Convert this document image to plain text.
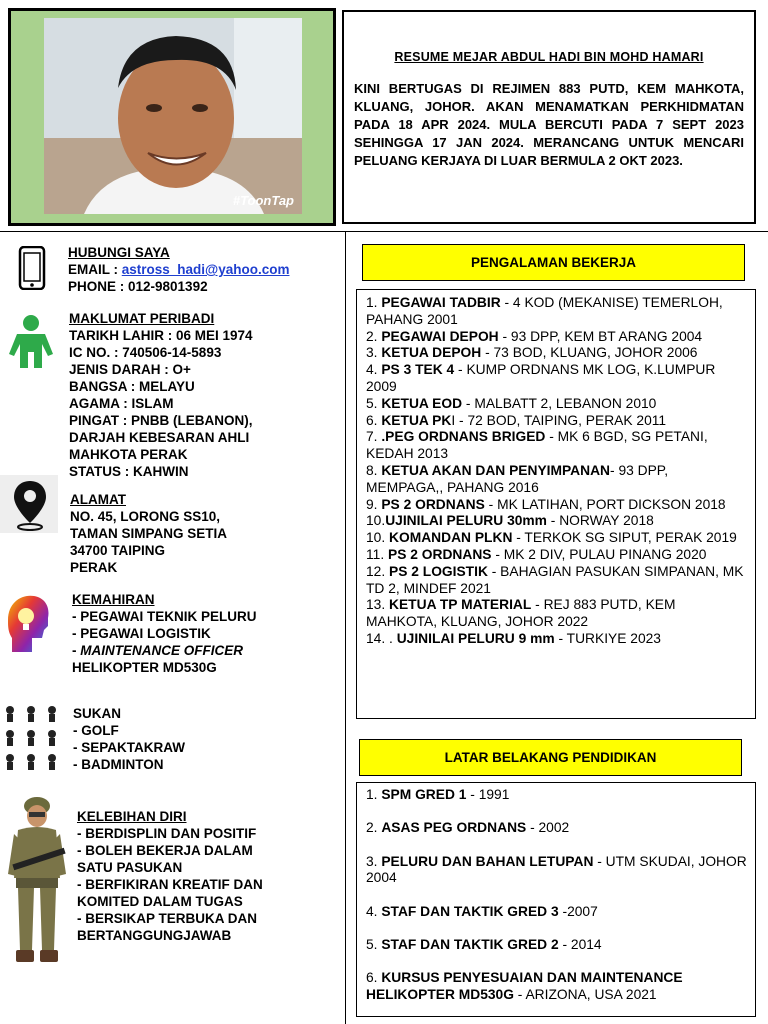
#ToonTap
RESUME MEJAR ABDUL HADI BIN MOHD HAMARI
KINI BERTUGAS DI REJIMEN 883 PUTD, KEM MAHKOTA, KLUANG, JOHOR. AKAN MENAMATKAN PERKHIDMATAN PADA 18 APR 2024. MULA BERCUTI PADA 7 SEPT 2023 SEHINGGA 17 JAN 2024. MERANCANG UNTUK MENCARI PELUANG KERJAYA DI LUAR BERMULA 2 OKT 2023.
HUBUNGI SAYA
EMAIL : astross_hadi@yahoo.com
PHONE : 012-9801392
MAKLUMAT PERIBADI
TARIKH LAHIR : 06 MEI 1974
IC NO. : 740506-14-5893
JENIS DARAH : O+
BANGSA : MELAYU
AGAMA : ISLAM
PINGAT : PNBB (LEBANON),
DARJAH KEBESARAN AHLI
MAHKOTA PERAK
STATUS : KAHWIN
ALAMAT
NO. 45, LORONG SS10,
TAMAN SIMPANG SETIA
34700 TAIPING
PERAK
KEMAHIRAN
- PEGAWAI TEKNIK PELURU
- PEGAWAI LOGISTIK
- MAINTENANCE OFFICER
HELIKOPTER MD530G
SUKAN
- GOLF
- SEPAKTAKRAW
- BADMINTON
KELEBIHAN DIRI
- BERDISPLIN DAN POSITIF
- BOLEH BEKERJA DALAM
SATU PASUKAN
- BERFIKIRAN KREATIF DAN
KOMITED DALAM TUGAS
- BERSIKAP TERBUKA DAN
BERTANGGUNGJAWAB
PENGALAMAN BEKERJA
1. PEGAWAI TADBIR - 4 KOD (MEKANISE) TEMERLOH, PAHANG 2001
2. PEGAWAI DEPOH - 93 DPP, KEM BT ARANG 2004
3. KETUA DEPOH - 73 BOD, KLUANG, JOHOR 2006
4. PS 3 TEK 4 - KUMP ORDNANS MK LOG, K.LUMPUR 2009
5. KETUA EOD - MALBATT 2, LEBANON 2010
6. KETUA PKI - 72 BOD, TAIPING, PERAK 2011
7. .PEG ORDNANS BRIGED - MK 6 BGD, SG PETANI, KEDAH 2013
8. KETUA AKAN DAN PENYIMPANAN- 93 DPP, MEMPAGA,, PAHANG 2016
9. PS 2 ORDNANS - MK LATIHAN, PORT DICKSON 2018
10.UJINILAI PELURU 30mm - NORWAY 2018
10. KOMANDAN PLKN - TERKOK SG SIPUT, PERAK 2019
11. PS 2 ORDNANS - MK 2 DIV, PULAU PINANG 2020
12. PS 2 LOGISTIK - BAHAGIAN PASUKAN SIMPANAN, MK TD 2, MINDEF 2021
13. KETUA TP MATERIAL - REJ 883 PUTD, KEM MAHKOTA, KLUANG, JOHOR 2022
14. . UJINILAI PELURU 9 mm - TURKIYE 2023
LATAR BELAKANG PENDIDIKAN
1. SPM GRED 1 - 1991
2. ASAS PEG ORDNANS - 2002
3. PELURU DAN BAHAN LETUPAN - UTM SKUDAI, JOHOR 2004
4. STAF DAN TAKTIK GRED 3 -2007
5. STAF DAN TAKTIK GRED 2 - 2014
6. KURSUS PENYESUAIAN DAN MAINTENANCE HELIKOPTER MD530G - ARIZONA, USA 2021
